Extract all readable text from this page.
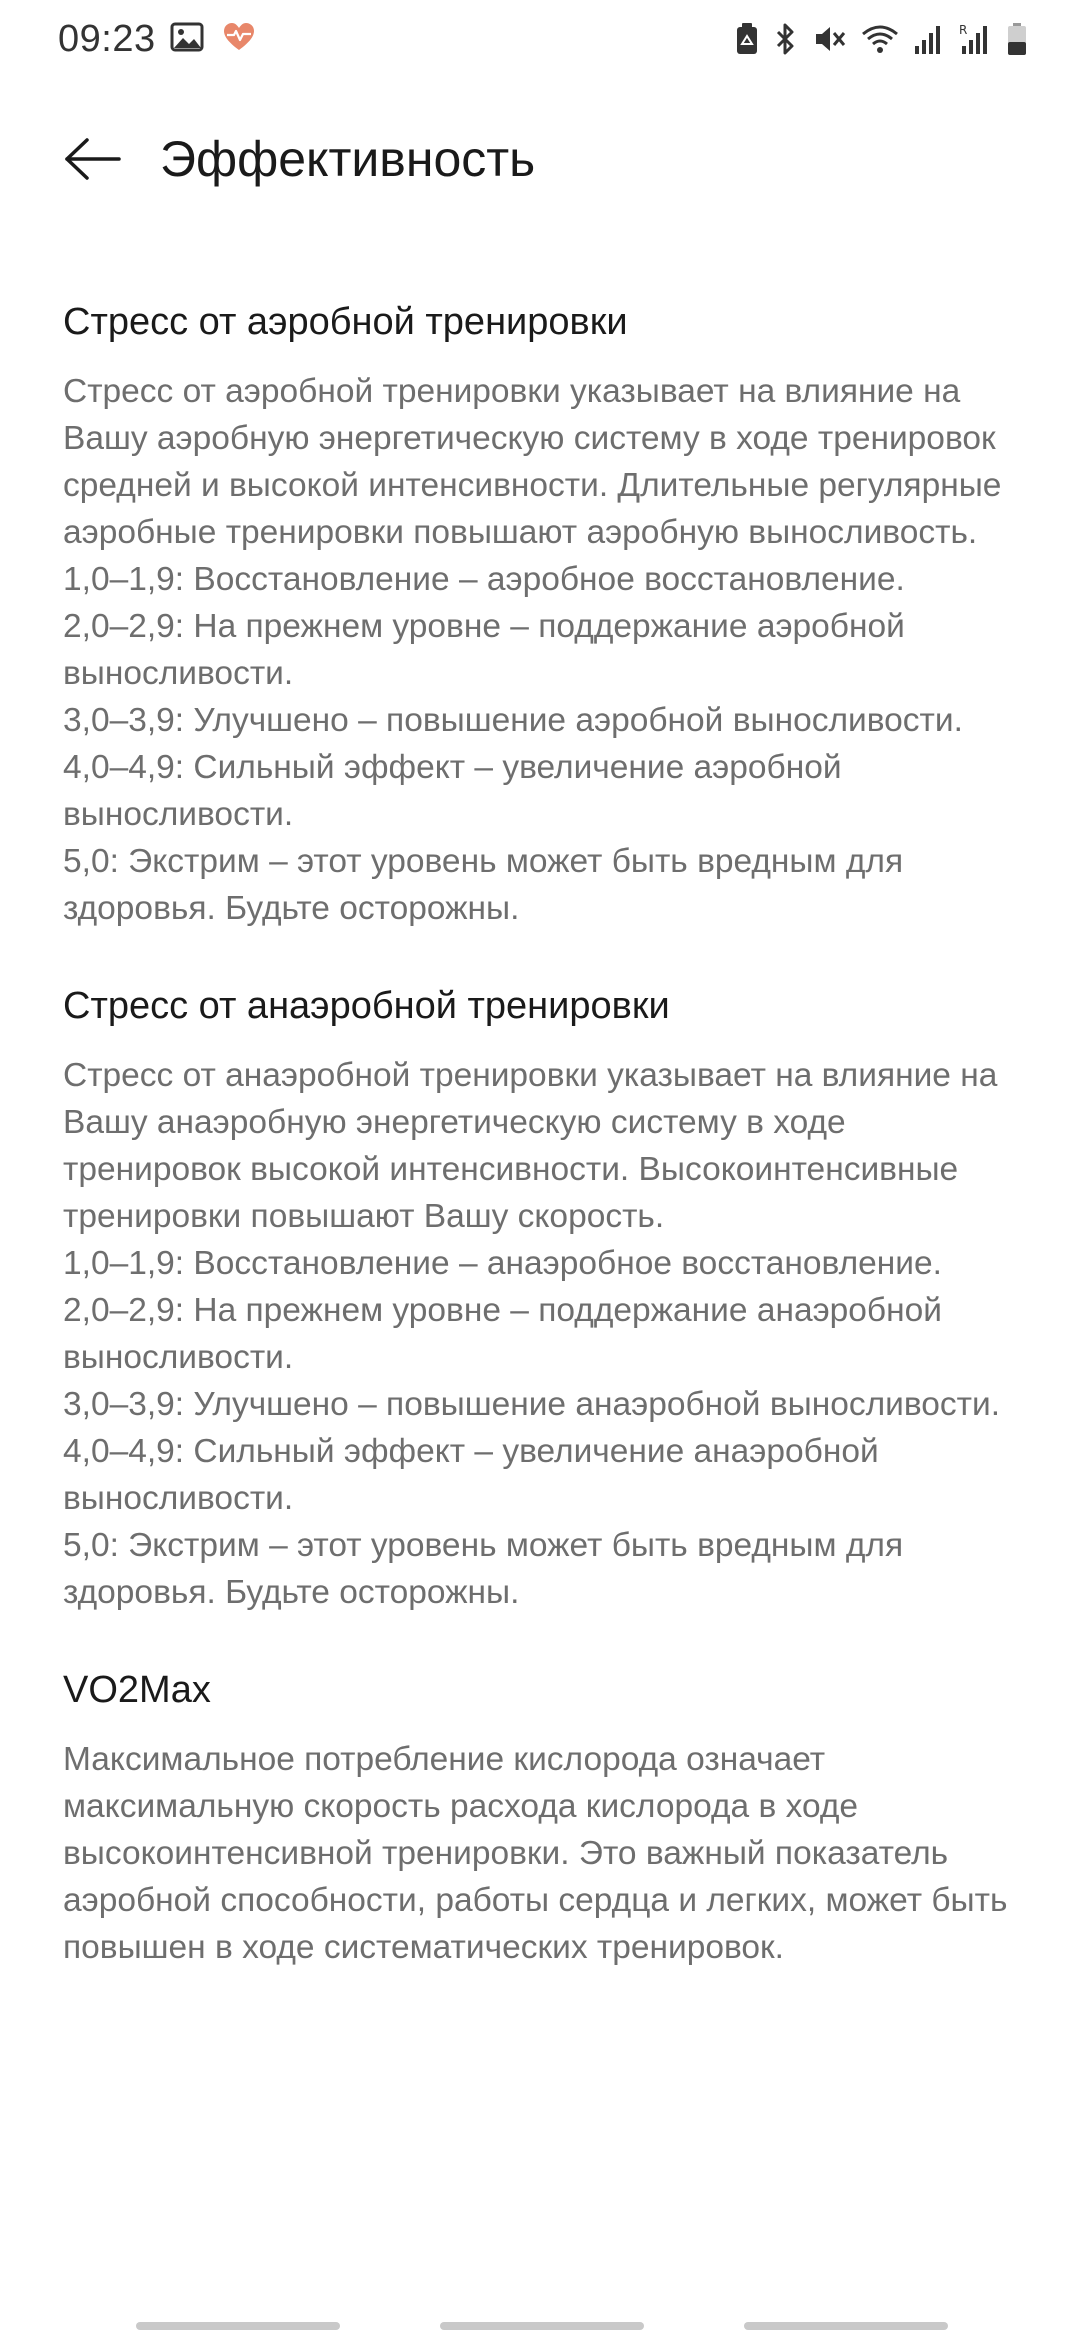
09:23	R
Эффективность
Стресс от аэробной тренировки

Стресс от аэробной тренировки указывает на влияние на Вашу аэробную энергетическую систему в ходе тренировок средней и высокой интенсивности. Длительные регулярные аэробные тренировки повышают аэробную выносливость.

1,0–1,9: Восстановление – аэробное восстановление.

2,0–2,9: На прежнем уровне – поддержание аэробной выносливости.

3,0–3,9: Улучшено – повышение аэробной выносливости.

4,0–4,9: Сильный эффект – увеличение аэробной выносливости.

5,0: Экстрим – этот уровень может быть вредным для здоровья. Будьте осторожны.

Стресс от анаэробной тренировки

Стресс от анаэробной тренировки указывает на влияние на Вашу анаэробную энергетическую систему в ходе тренировок высокой интенсивности. Высокоинтенсивные тренировки повышают Вашу скорость.

1,0–1,9: Восстановление – анаэробное восстановление.

2,0–2,9: На прежнем уровне – поддержание анаэробной выносливости.

3,0–3,9: Улучшено – повышение анаэробной выносливости.

4,0–4,9: Сильный эффект – увеличение анаэробной выносливости.

5,0: Экстрим – этот уровень может быть вредным для здоровья. Будьте осторожны.

VO2Max

Максимальное потребление кислорода означает максимальную скорость расхода кислорода в ходе высокоинтенсивной тренировки. Это важный показатель аэробной способности, работы сердца и легких, может быть повышен в ходе систематических тренировок.
